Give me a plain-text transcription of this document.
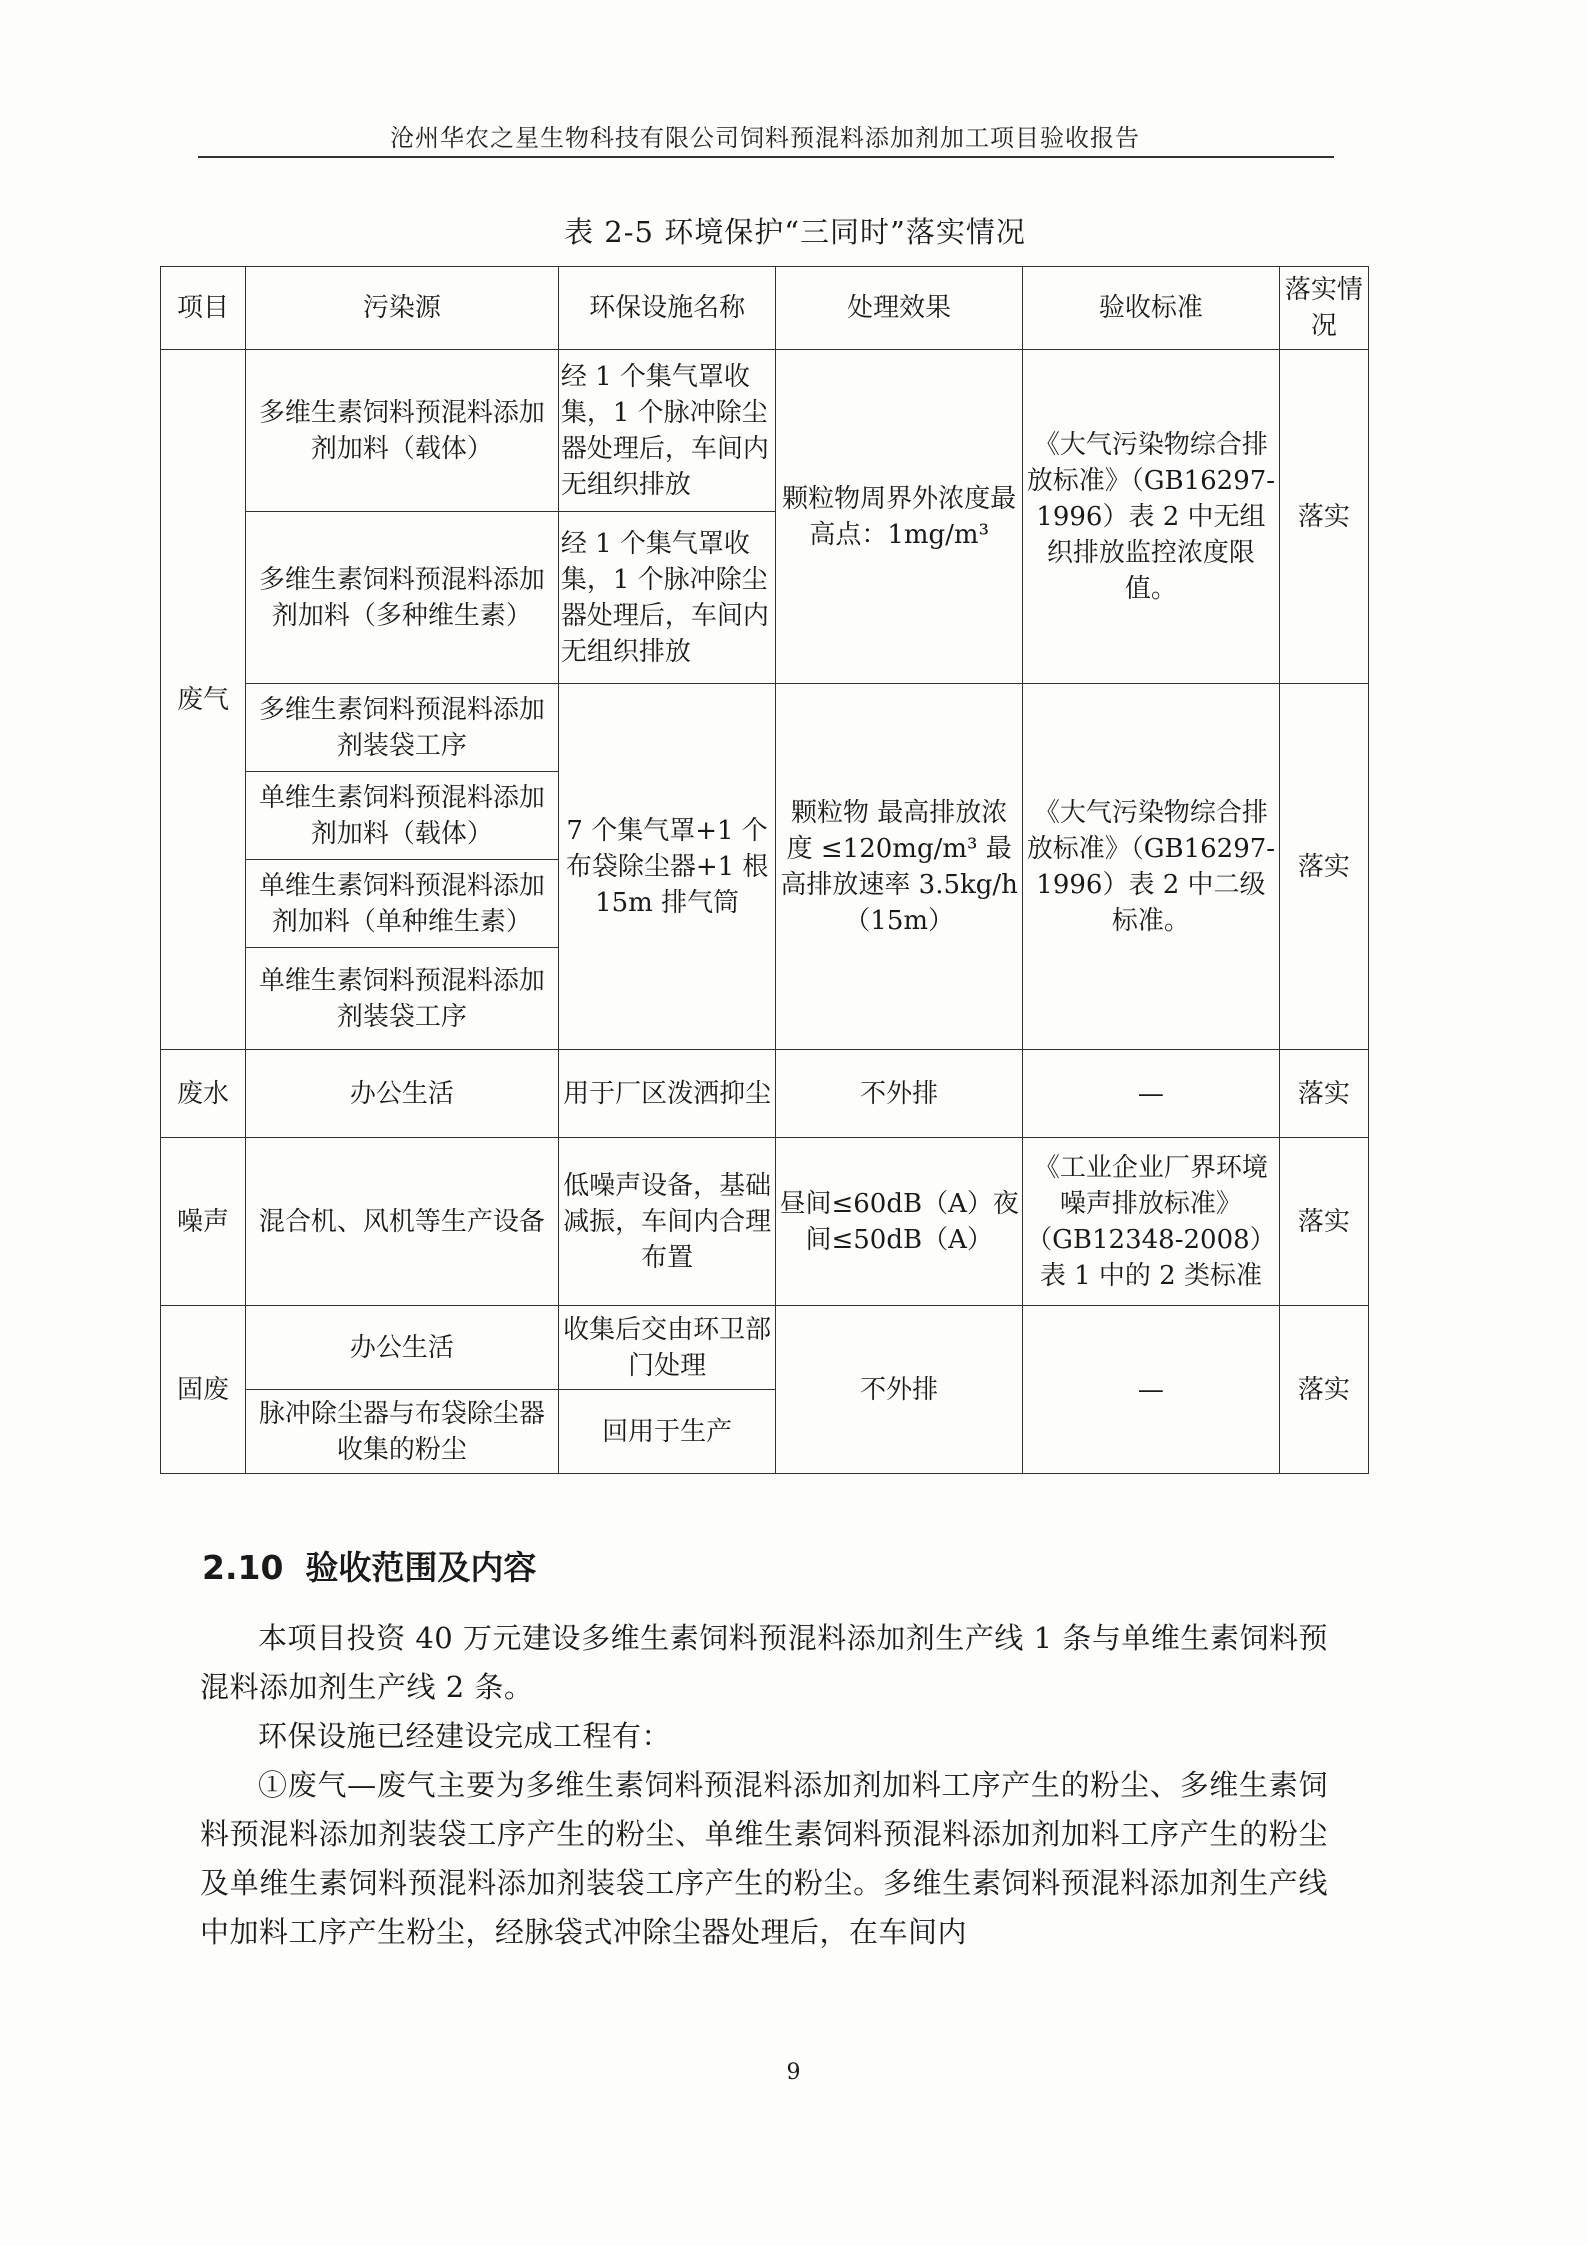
沧州华农之星生物科技有限公司饲料预混料添加剂加工项目验收报告
表 2-5 环境保护“三同时”落实情况
项目	污染源	环保设施名称	处理效果	验收标准	落实情况
废气	多维生素饲料预混料添加剂加料（载体）	经 1 个集气罩收集，1 个脉冲除尘器处理后，车间内无组织排放	颗粒物周界外浓度最高点：1mg/m³	《大气污染物综合排放标准》（GB16297-1996）表 2 中无组织排放监控浓度限值。	落实
	多维生素饲料预混料添加剂加料（多种维生素）	经 1 个集气罩收集，1 个脉冲除尘器处理后，车间内无组织排放			
	多维生素饲料预混料添加剂装袋工序	7 个集气罩+1 个布袋除尘器+1 根 15m 排气筒	颗粒物 最高排放浓度 ≤120mg/m³ 最高排放速率 3.5kg/h（15m）	《大气污染物综合排放标准》（GB16297-1996）表 2 中二级标准。	落实
	单维生素饲料预混料添加剂加料（载体）				
	单维生素饲料预混料添加剂加料（单种维生素）				
	单维生素饲料预混料添加剂装袋工序				
废水	办公生活	用于厂区泼洒抑尘	不外排	—	落实
噪声	混合机、风机等生产设备	低噪声设备，基础减振，车间内合理布置	昼间≤60dB（A）夜间≤50dB（A）	《工业企业厂界环境噪声排放标准》（GB12348-2008）表 1 中的 2 类标准	落实
固废	办公生活	收集后交由环卫部门处理	不外排	—	落实
	脉冲除尘器与布袋除尘器收集的粉尘	回用于生产			
2.10 验收范围及内容

本项目投资 40 万元建设多维生素饲料预混料添加剂生产线 1 条与单维生素饲料预混料添加剂生产线 2 条。

环保设施已经建设完成工程有：

①废气—废气主要为多维生素饲料预混料添加剂加料工序产生的粉尘、多维生素饲料预混料添加剂装袋工序产生的粉尘、单维生素饲料预混料添加剂加料工序产生的粉尘及单维生素饲料预混料添加剂装袋工序产生的粉尘。多维生素饲料预混料添加剂生产线中加料工序产生粉尘，经脉袋式冲除尘器处理后，在车间内

9
